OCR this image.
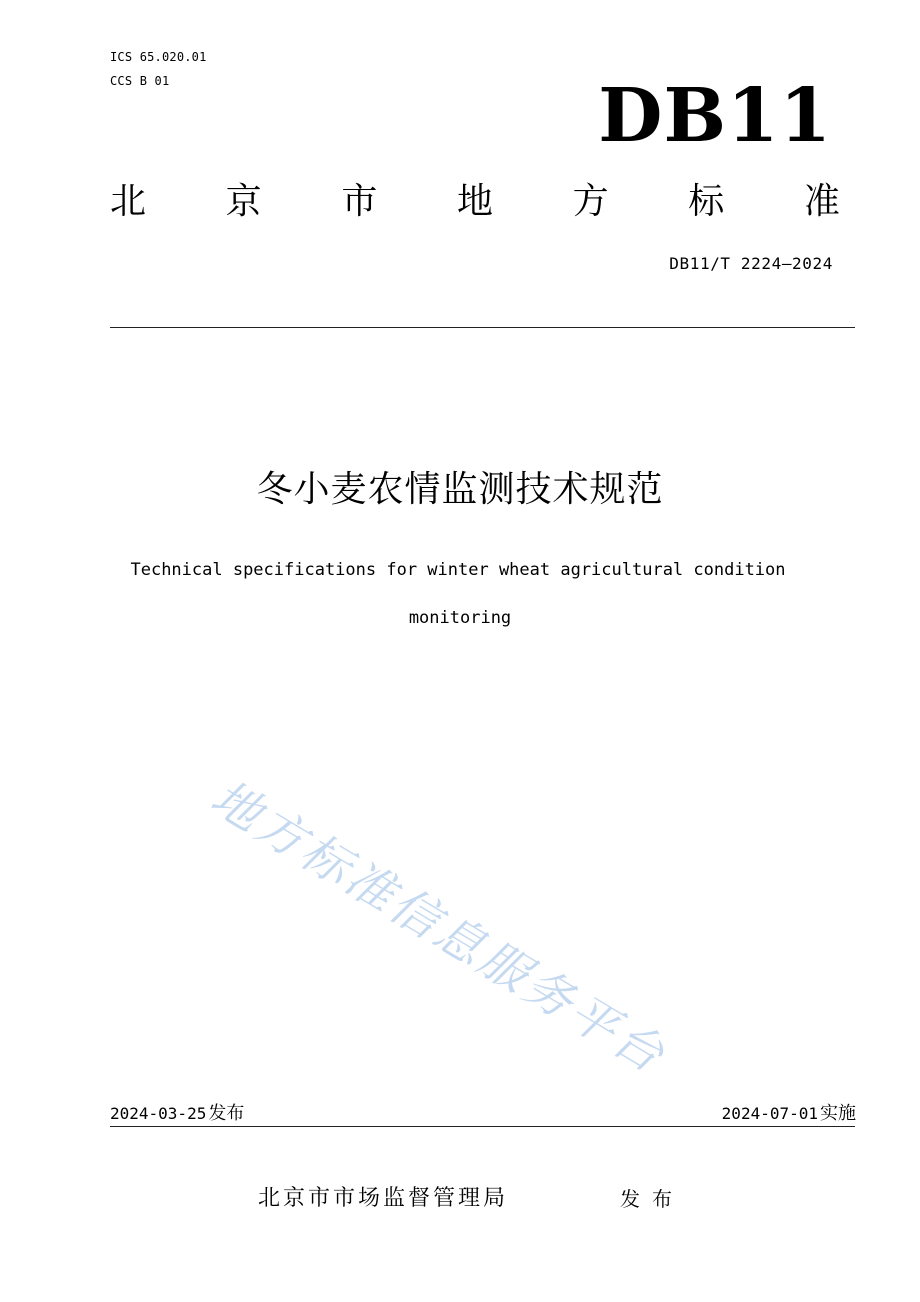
ICS 65.020.01
CCS B 01	DB11
北 京 市 地 方 标 准
DB11/T 2224—2024
冬小麦农情监测技术规范
Technical specifications for winter wheat agricultural condition
monitoring
地方标准信息服务平台
2024-03-25 发布	2024-07-01 实施
北京市市场监督管理局	发布
